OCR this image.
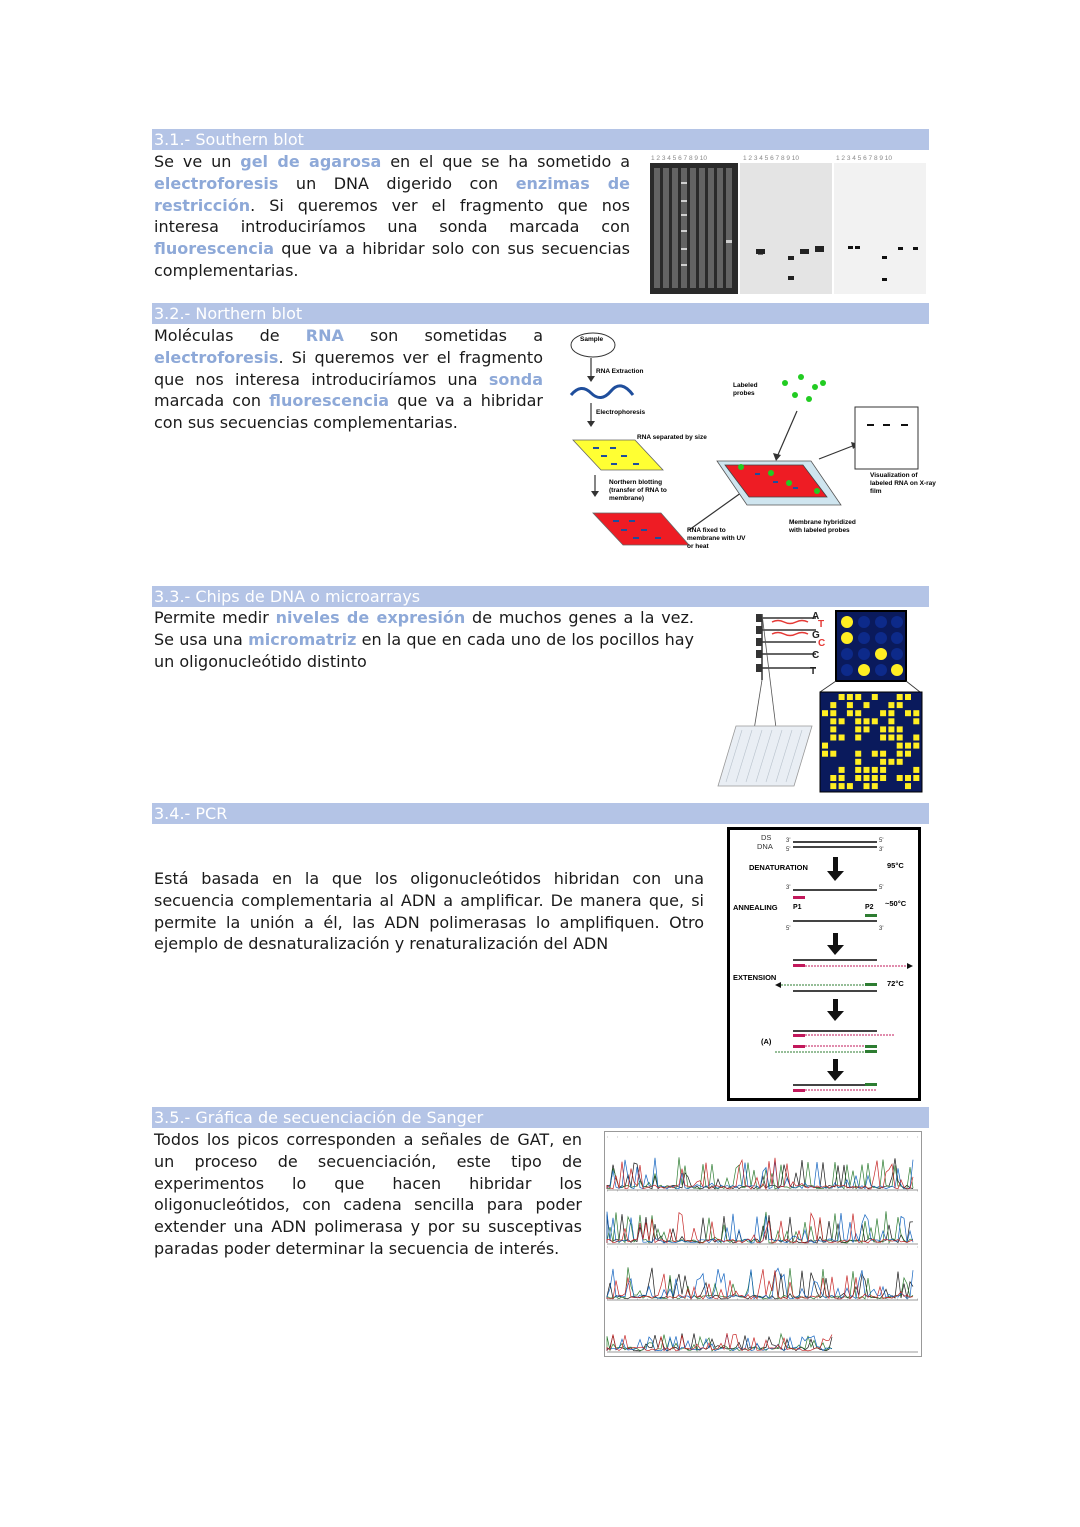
3.1.- Southern blot
Se ve un gel de agarosa en el que se ha sometido a electroforesis un DNA digerido con enzimas de restricción. Si queremos ver el fragmento que nos interesa introduciríamos una sonda marcada con fluorescencia que va a hibridar solo con sus secuencias complementarias.
1 2 3 4 5 6 7 8 9 10	1 2 3 4 5 6 7 8 9 10	1 2 3 4 5 6 7 8 9 10
3.2.- Northern blot
Moléculas de RNA son sometidas a electroforesis. Si queremos ver el fragmento que nos interesa introduciríamos una sonda marcada con fluorescencia que va a hibridar con sus secuencias complementarias.
Sample
RNA Extraction
Electrophoresis
RNA separated by size
Northern blotting
(transfer of RNA to
membrane)
RNA fixed to
membrane with UV
or heat
Labeled
probes
Membrane hybridized
with labeled probes
Visualization of
labeled RNA on X-ray
film
3.3.- Chips de DNA o microarrays
Permite medir niveles de expresión de muchos genes a la vez. Se usa una micromatriz en la que en cada uno de los pocillos hay un oligonucleótido distinto
A
T
G
C
C
T
3.4.- PCR
Está basada en la que los oligonucleótidos hibridan con una secuencia complementaria al ADN a amplificar. De manera que, si permite la unión a él, las ADN polimerasas lo amplifiquen. Otro ejemplo de desnaturalización y renaturalización del ADN
DS
DNA
3'
5'
5'
3'
DENATURATION	95°C
3'	5'
ANNEALING P1	P2 ~50°C
5'	3'
EXTENSION
72°C
(A)
3.5.- Gráfica de secuenciación de Sanger
Todos los picos corresponden a señales de GAT, en un proceso de secuenciación, este tipo de experimentos lo que hacen hibridar los oligonucleótidos, con cadena sencilla para poder extender una ADN polimerasa y por su susceptivas paradas poder determinar la secuencia de interés.
